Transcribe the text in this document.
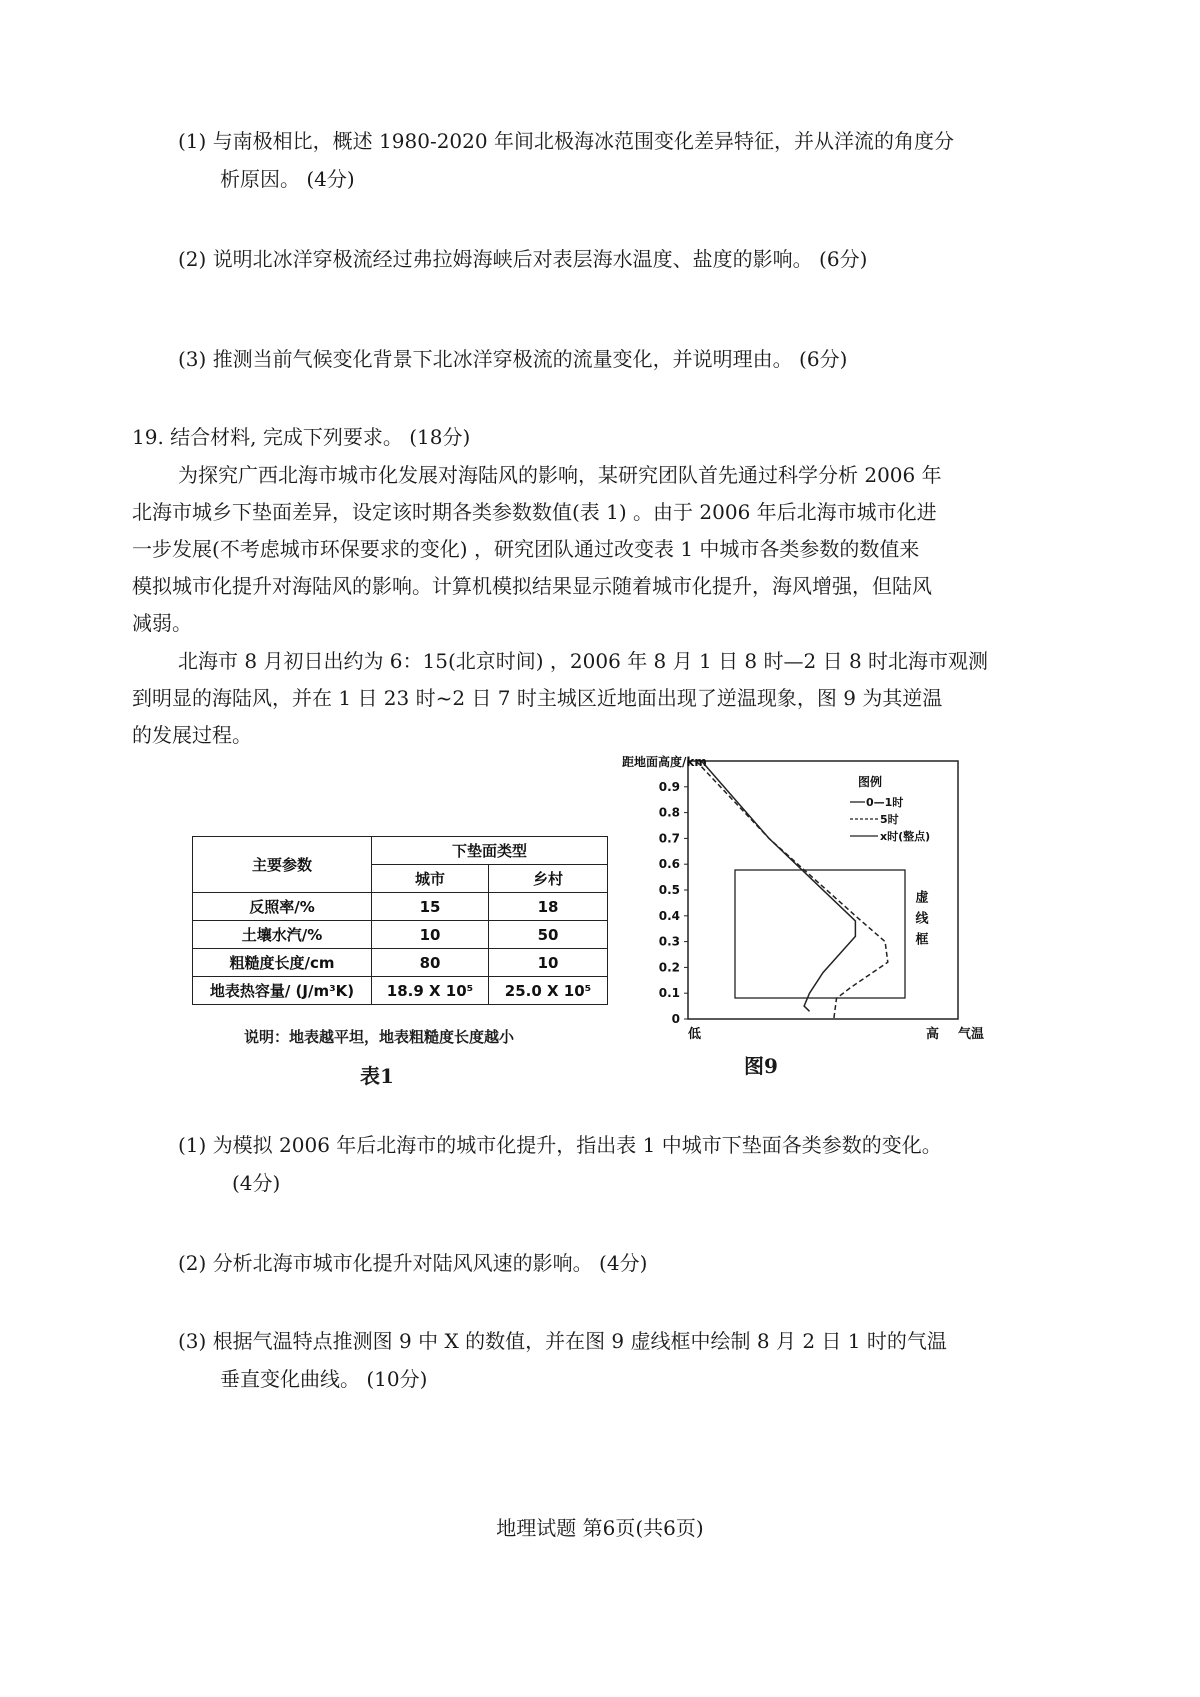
(1) 与南极相比，概述 1980-2020 年间北极海冰范围变化差异特征，并从洋流的角度分
析原因。 (4分)
(2) 说明北冰洋穿极流经过弗拉姆海峡后对表层海水温度、盐度的影响。 (6分)
(3) 推测当前气候变化背景下北冰洋穿极流的流量变化，并说明理由。 (6分)
19. 结合材料, 完成下列要求。 (18分)
为探究广西北海市城市化发展对海陆风的影响，某研究团队首先通过科学分析 2006 年
北海市城乡下垫面差异，设定该时期各类参数数值(表 1) 。由于 2006 年后北海市城市化进
一步发展(不考虑城市环保要求的变化) ，研究团队通过改变表 1 中城市各类参数的数值来
模拟城市化提升对海陆风的影响。计算机模拟结果显示随着城市化提升，海风增强，但陆风
减弱。
北海市 8 月初日出约为 6：15(北京时间) ，2006 年 8 月 1 日 8 时—2 日 8 时北海市观测
到明显的海陆风，并在 1 日 23 时~2 日 7 时主城区近地面出现了逆温现象，图 9 为其逆温
的发展过程。
主要参数	下垫面类型	
	城市	乡村
反照率/%	15	18
土壤水汽/%	10	50
粗糙度长度/cm	80	10
地表热容量/ (J/m³K)	18.9 X 10⁵	25.0 X 10⁵
说明：地表越平坦，地表粗糙度长度越小
表1
0
0.1
0.2
0.3
0.4
0.5
0.6
0.7
0.8
0.9
距地面高度/km
低	高 气温
虚线框
图例
0—1时
5时
x时(整点)
图9
(1) 为模拟 2006 年后北海市的城市化提升，指出表 1 中城市下垫面各类参数的变化。
(4分)
(2) 分析北海市城市化提升对陆风风速的影响。 (4分)
(3) 根据气温特点推测图 9 中 X 的数值，并在图 9 虚线框中绘制 8 月 2 日 1 时的气温
垂直变化曲线。 (10分)
地理试题 第6页(共6页)
